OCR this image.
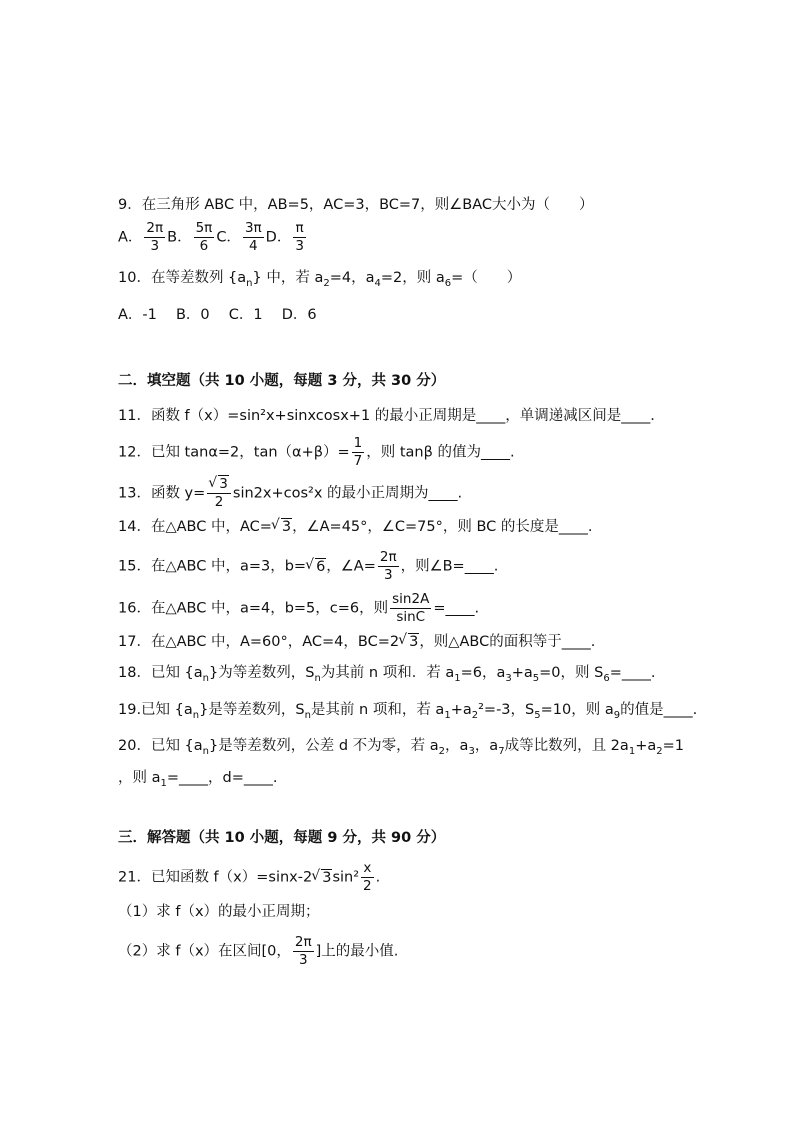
9．在三角形 ABC 中，AB=5，AC=3，BC=7，则∠BAC大小为（　　）
A． $\frac{2\pi}{3}$ B． $\frac{5\pi}{6}$ C． $\frac{3\pi}{4}$ D． $\frac{\pi}{3}$
10．在等差数列 $\{a_n\}$ 中，若 $a_2=4$，$a_4=2$，则 $a_6=$（　　）
A．-1　 B．0　 C．1　 D．6
二．填空题（共 10 小题，每题 3 分，共 30 分）
11．函数 f（x）=sin²x+sinxcosx+1 的最小正周期是____，单调递减区间是____.
12．已知 tanα=2，$\tan(\alpha+\beta)= \frac{1}{7}$ ，则 tanβ 的值为____.
13．函数 y= √ $\frac{3}{2} \sin 2x+\cos^2x$ 的最小正周期为____.
14．在△ABC 中，AC= √ 3，∠A=45°，∠C=75°，则 BC 的长度是____.
15．在△ABC 中，a=3，b= √ 6，∠A= $\frac{2\pi}{3}$ ，则∠B=____.
16．在△ABC 中，a=4，b=5，c=6，则 $\frac{\sin 2A}{\sin C}$ =____.
17．在△ABC 中，A=60°，AC=4，BC=2 √ 3，则△ABC的面积等于____.
18．已知 $\{a_n\}$为等差数列，$S_n$为其前 n 项和．若 $a_1=6$，$a_3+a_5=0$，则 $S_6=\_\_\_\_$.
19.已知 $\{a_n\}$是等差数列，$S_n$是其前 n 项和，若 $a_1+a_2^2=-3$，$S_5=10$，则 $a_9$的值是____.
20．已知 $\{a_n\}$是等差数列，公差 d 不为零，若 $a_2$，$a_3$，$a_7$成等比数列，且 $2a_1+a_2=1$
，则 $a_1=\_\_\_\_$，d=____.
三．解答题（共 10 小题，每题 9 分，共 90 分）
21．已知函数 f（x）=sinx-2 √ $3\sin^2 \frac{x}{2}$ .
（1）求 f（x）的最小正周期；
（2）求 f（x）在区间[0， $\frac{2\pi}{3}$ ]上的最小值.
